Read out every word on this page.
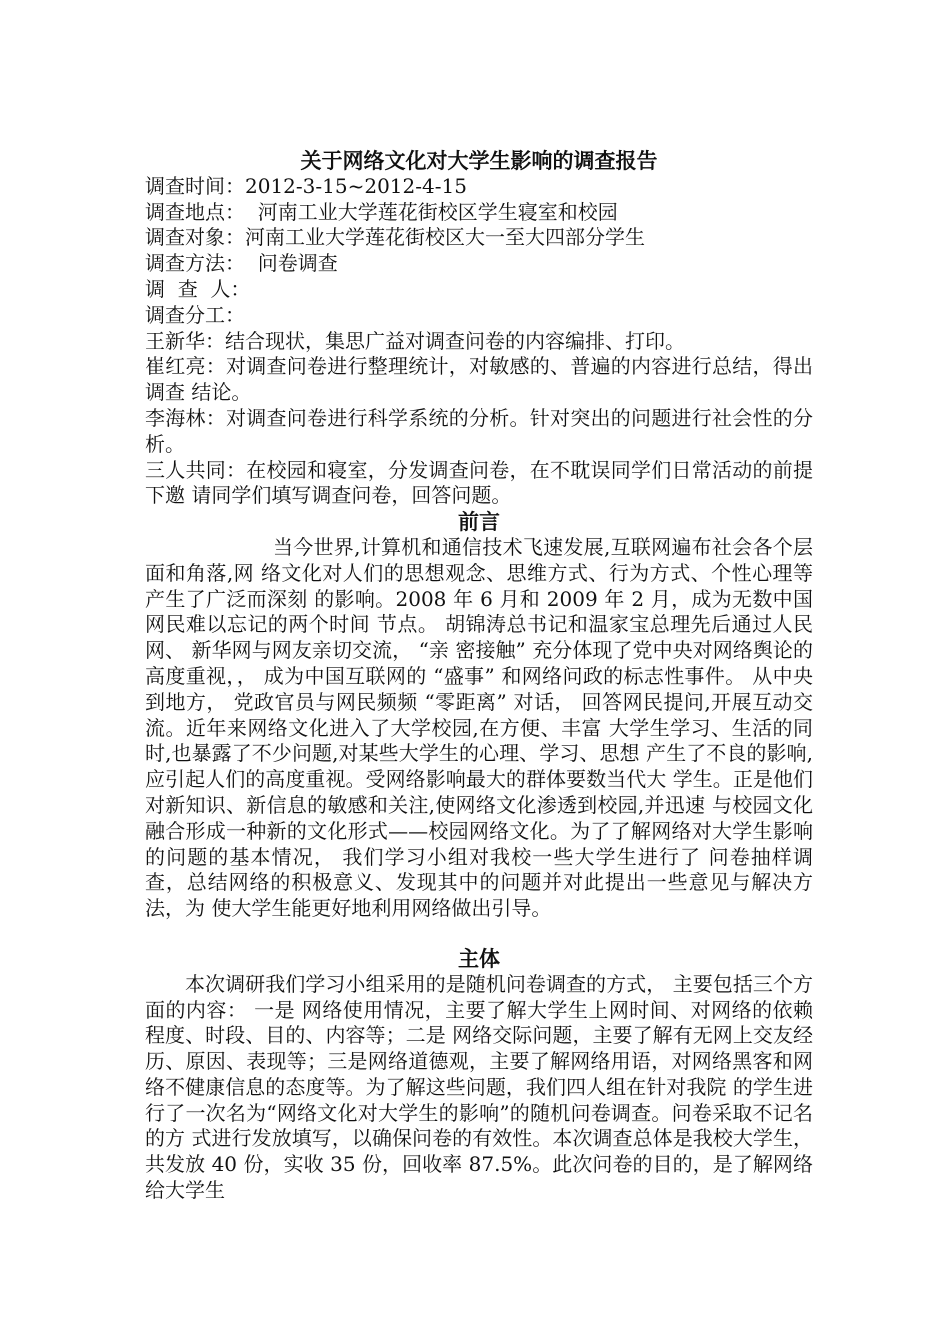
关于网络文化对大学生影响的调查报告

调查时间：2012-3-15~2012-4-15

调查地点：  河南工业大学莲花街校区学生寝室和校园

调查对象：河南工业大学莲花街校区大一至大四部分学生

调查方法：  问卷调查

调  查  人：

调查分工：

王新华：结合现状，集思广益对调查问卷的内容编排、打印。

崔红亮：对调查问卷进行整理统计，对敏感的、普遍的内容进行总结，得出调查 结论。

李海林：对调查问卷进行科学系统的分析。针对突出的问题进行社会性的分析。

三人共同：在校园和寝室，分发调查问卷，在不耽误同学们日常活动的前提下邀 请同学们填写调查问卷，回答问题。

前言

当今世界,计算机和通信技术飞速发展,互联网遍布社会各个层面和角落,网 络文化对人们的思想观念、思维方式、行为方式、个性心理等产生了广泛而深刻 的影响。2008 年 6 月和 2009 年 2 月，成为无数中国网民难以忘记的两个时间 节点。 胡锦涛总书记和温家宝总理先后通过人民网、 新华网与网友亲切交流， “亲 密接触” 充分体现了党中央对网络舆论的高度重视，， 成为中国互联网的 “盛事” 和网络问政的标志性事件。 从中央到地方， 党政官员与网民频频 “零距离” 对话， 回答网民提问,开展互动交流。近年来网络文化进入了大学校园,在方便、丰富 大学生学习、生活的同时,也暴露了不少问题,对某些大学生的心理、学习、思想 产生了不良的影响,应引起人们的高度重视。受网络影响最大的群体要数当代大 学生。正是他们对新知识、新信息的敏感和关注,使网络文化渗透到校园,并迅速 与校园文化融合形成一种新的文化形式——校园网络文化。为了了解网络对大学生影响的问题的基本情况， 我们学习小组对我校一些大学生进行了 问卷抽样调查，总结网络的积极意义、发现其中的问题并对此提出一些意见与解决方法，为 使大学生能更好地利用网络做出引导。

主体

本次调研我们学习小组采用的是随机问卷调查的方式， 主要包括三个方面的内容： 一是 网络使用情况，主要了解大学生上网时间、对网络的依赖程度、时段、目的、内容等；二是 网络交际问题，主要了解有无网上交友经历、原因、表现等；三是网络道德观，主要了解网络用语，对网络黑客和网络不健康信息的态度等。为了解这些问题，我们四人组在针对我院 的学生进行了一次名为“网络文化对大学生的影响”的随机问卷调查。问卷采取不记名的方 式进行发放填写，以确保问卷的有效性。本次调查总体是我校大学生，共发放 40 份，实收 35 份，回收率 87.5%。此次问卷的目的，是了解网络给大学生
